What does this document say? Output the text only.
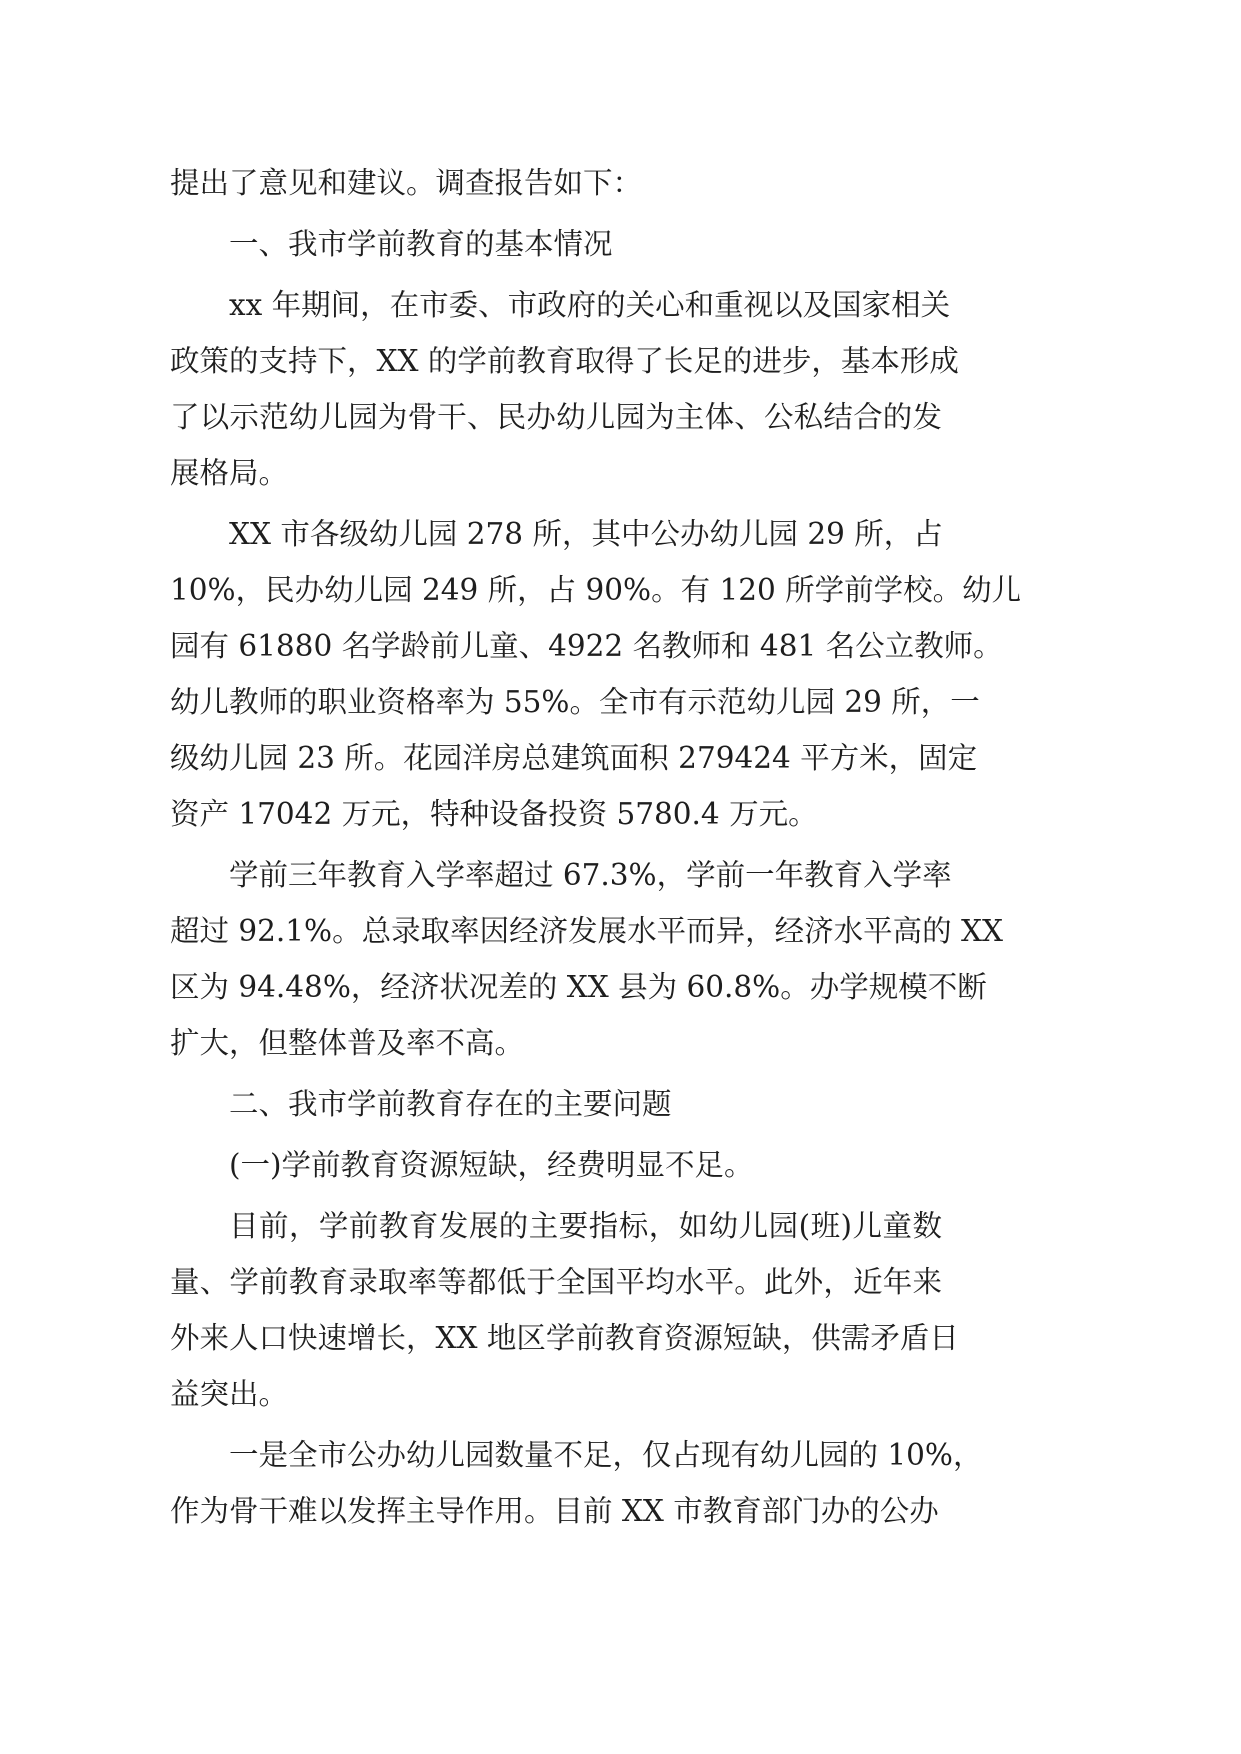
提出了意见和建议。调查报告如下：
一、我市学前教育的基本情况
xx 年期间，在市委、市政府的关心和重视以及国家相关
政策的支持下，XX 的学前教育取得了长足的进步，基本形成
了以示范幼儿园为骨干、民办幼儿园为主体、公私结合的发
展格局。
XX 市各级幼儿园 278 所，其中公办幼儿园 29 所，占
10%，民办幼儿园 249 所，占 90%。有 120 所学前学校。幼儿
园有 61880 名学龄前儿童、4922 名教师和 481 名公立教师。
幼儿教师的职业资格率为 55%。全市有示范幼儿园 29 所，一
级幼儿园 23 所。花园洋房总建筑面积 279424 平方米，固定
资产 17042 万元，特种设备投资 5780.4 万元。
学前三年教育入学率超过 67.3%，学前一年教育入学率
超过 92.1%。总录取率因经济发展水平而异，经济水平高的 XX
区为 94.48%，经济状况差的 XX 县为 60.8%。办学规模不断
扩大，但整体普及率不高。
二、我市学前教育存在的主要问题
(一)学前教育资源短缺，经费明显不足。
目前，学前教育发展的主要指标，如幼儿园(班)儿童数
量、学前教育录取率等都低于全国平均水平。此外，近年来
外来人口快速增长，XX 地区学前教育资源短缺，供需矛盾日
益突出。
一是全市公办幼儿园数量不足，仅占现有幼儿园的 10%，
作为骨干难以发挥主导作用。目前 XX 市教育部门办的公办
